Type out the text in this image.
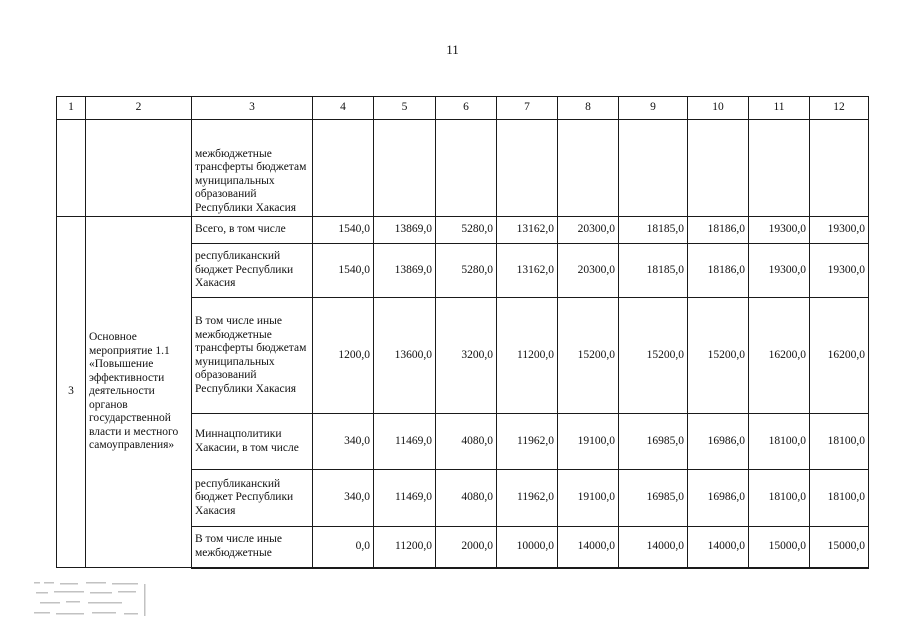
11
1	2	3	4	5	6	7	8	9	10	11	12
		межбюджетные трансферты бюджетам муниципальных образований Республики Хакасия									
3	Основное мероприятие 1.1 «Повышение эффективности деятельности органов государственной власти и местного самоуправления»	Всего, в том числе	1540,0	13869,0	5280,0	13162,0	20300,0	18185,0	18186,0	19300,0	19300,0
		республиканский бюджет Республики Хакасия	1540,0	13869,0	5280,0	13162,0	20300,0	18185,0	18186,0	19300,0	19300,0
		В том числе иные межбюджетные трансферты бюджетам муниципальных образований Республики Хакасия	1200,0	13600,0	3200,0	11200,0	15200,0	15200,0	15200,0	16200,0	16200,0
		Миннацполитики Хакасии, в том числе	340,0	11469,0	4080,0	11962,0	19100,0	16985,0	16986,0	18100,0	18100,0
		республиканский бюджет Республики Хакасия	340,0	11469,0	4080,0	11962,0	19100,0	16985,0	16986,0	18100,0	18100,0
		В том числе иные межбюджетные	0,0	11200,0	2000,0	10000,0	14000,0	14000,0	14000,0	15000,0	15000,0
